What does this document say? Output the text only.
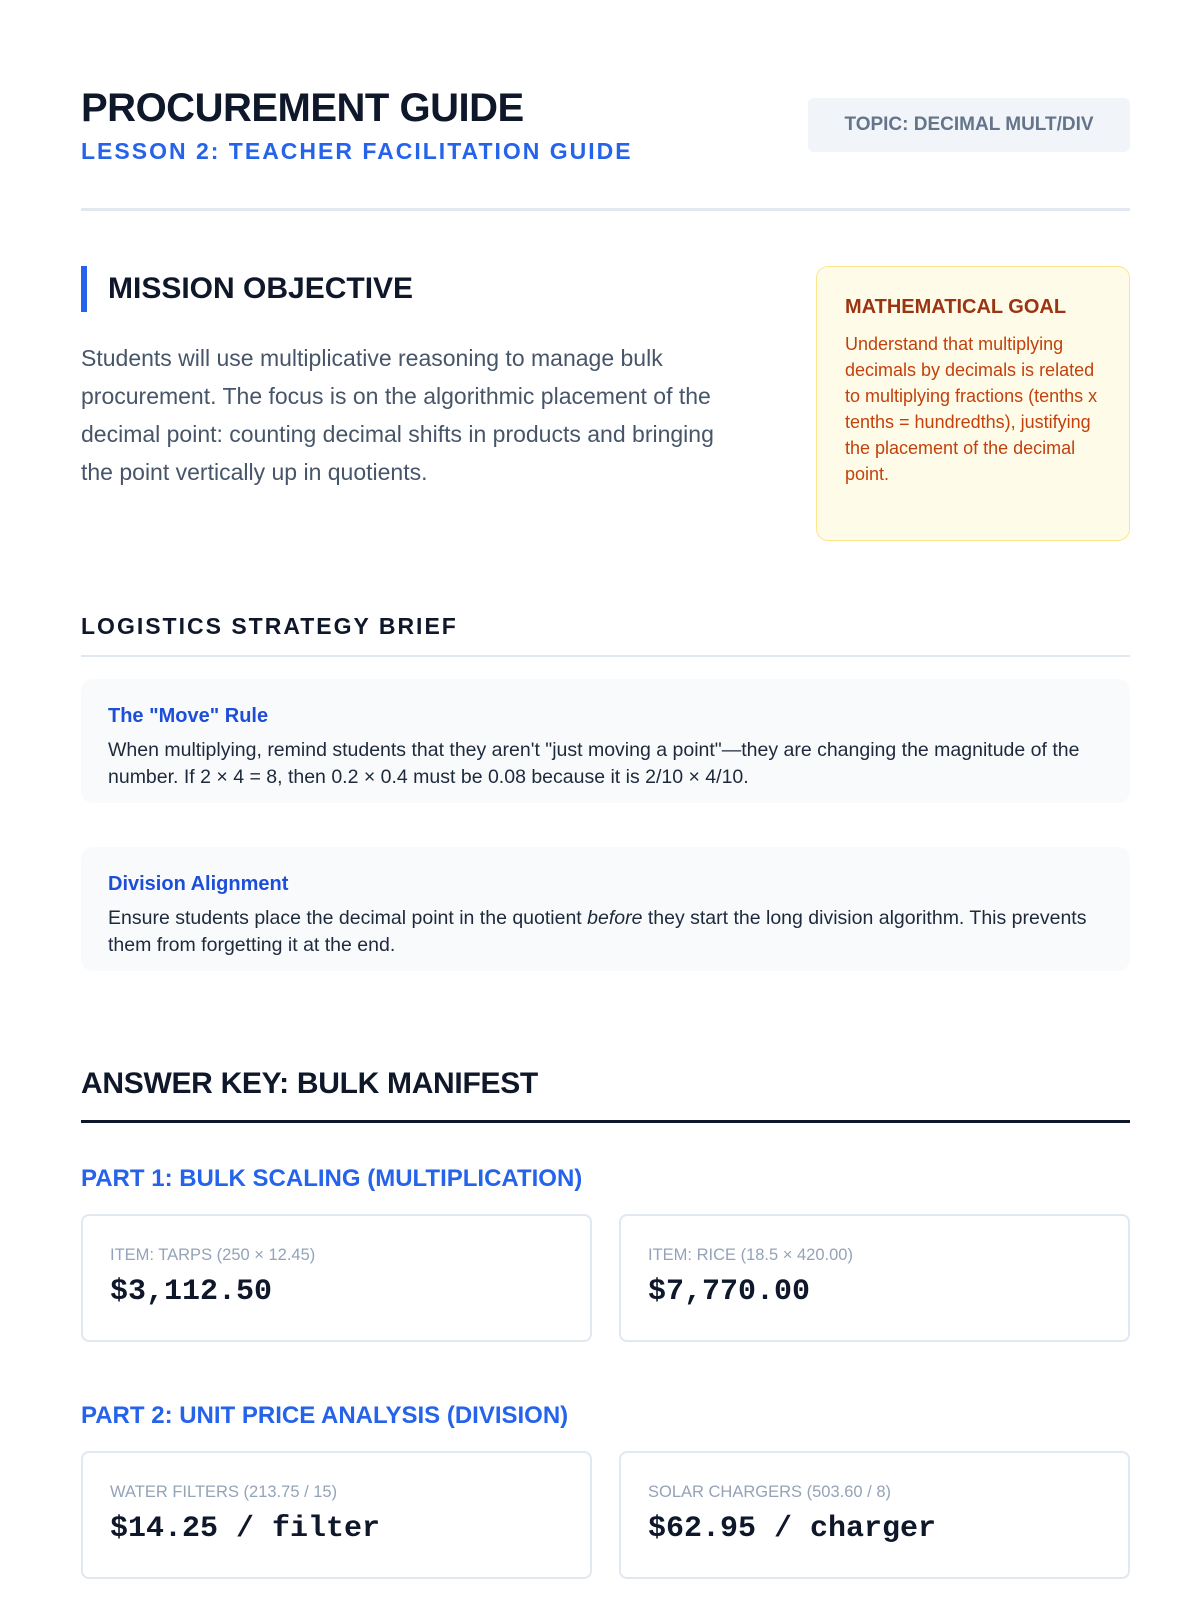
PROCUREMENT GUIDE
LESSON 2: TEACHER FACILITATION GUIDE
TOPIC: DECIMAL MULT/DIV
MISSION OBJECTIVE

Students will use multiplicative reasoning to manage bulk procurement. The focus is on the algorithmic placement of the decimal point: counting decimal shifts in products and bringing the point vertically up in quotients.

MATHEMATICAL GOAL
Understand that multiplying decimals by decimals is related to multiplying fractions (tenths x tenths = hundredths), justifying the placement of the decimal point.
LOGISTICS STRATEGY BRIEF
The "Move" Rule
When multiplying, remind students that they aren't "just moving a point"—they are changing the magnitude of the number. If 2 × 4 = 8, then 0.2 × 0.4 must be 0.08 because it is 2/10 × 4/10.
Division Alignment
Ensure students place the decimal point in the quotient before they start the long division algorithm. This prevents them from forgetting it at the end.
ANSWER KEY: BULK MANIFEST
PART 1: BULK SCALING (MULTIPLICATION)
ITEM: TARPS (250 × 12.45)
$3,112.50
ITEM: RICE (18.5 × 420.00)
$7,770.00
PART 2: UNIT PRICE ANALYSIS (DIVISION)
WATER FILTERS (213.75 / 15)
$14.25 / filter
SOLAR CHARGERS (503.60 / 8)
$62.95 / charger
